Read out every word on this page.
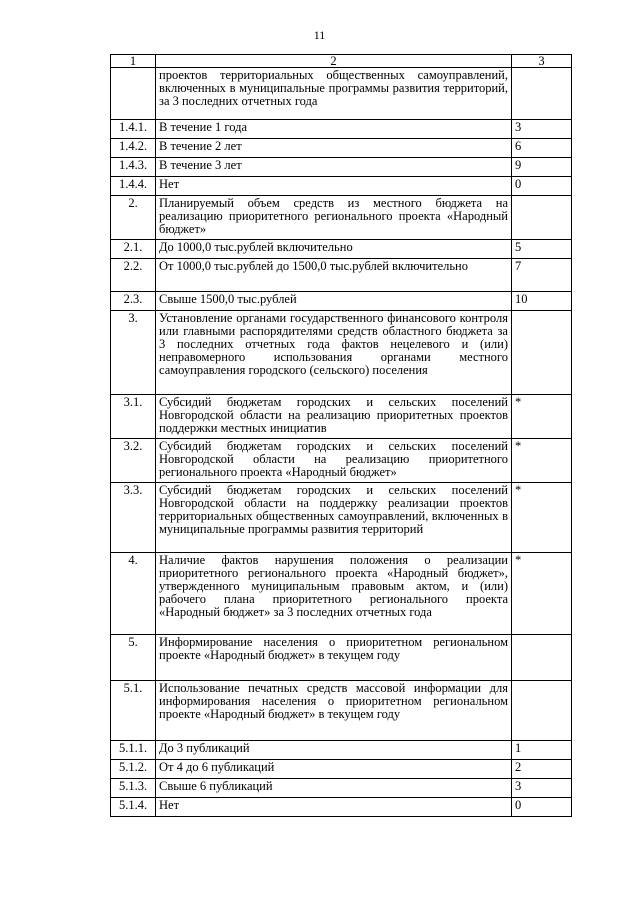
11
1	2	3
	проектов территориальных общественных самоуправлений, включенных в муниципальные программы развития территорий, за 3 последних отчетных года	
1.4.1.	В течение 1 года	3
1.4.2.	В течение 2 лет	6
1.4.3.	В течение 3 лет	9
1.4.4.	Нет	0
2.	Планируемый объем средств из местного бюджета на реализацию приоритетного регионального проекта «Народный бюджет»	
2.1.	До 1000,0 тыс.рублей включительно	5
2.2.	От 1000,0 тыс.рублей до 1500,0 тыс.рублей включительно	7
2.3.	Свыше 1500,0 тыс.рублей	10
3.	Установление органами государственного финансового контроля или главными распорядителями средств областного бюджета за 3 последних отчетных года фактов нецелевого и (или) неправомерного использования органами местного самоуправления городского (сельского) поселения	
3.1.	Субсидий бюджетам городских и сельских поселений Новгородской области на реализацию приоритетных проектов поддержки местных инициатив	*
3.2.	Субсидий бюджетам городских и сельских поселений Новгородской области на реализацию приоритетного регионального проекта «Народный бюджет»	*
3.3.	Субсидий бюджетам городских и сельских поселений Новгородской области на поддержку реализации проектов территориальных общественных самоуправлений, включенных в муниципальные программы развития территорий	*
4.	Наличие фактов нарушения положения о реализации приоритетного регионального проекта «Народный бюджет», утвержденного муниципальным правовым актом, и (или) рабочего плана приоритетного регионального проекта «Народный бюджет» за 3 последних отчетных года	*
5.	Информирование населения о приоритетном региональном проекте «Народный бюджет» в текущем году	
5.1.	Использование печатных средств массовой информации для информирования населения о приоритетном региональном проекте «Народный бюджет» в текущем году	
5.1.1.	До 3 публикаций	1
5.1.2.	От 4 до 6 публикаций	2
5.1.3.	Свыше 6 публикаций	3
5.1.4.	Нет	0
